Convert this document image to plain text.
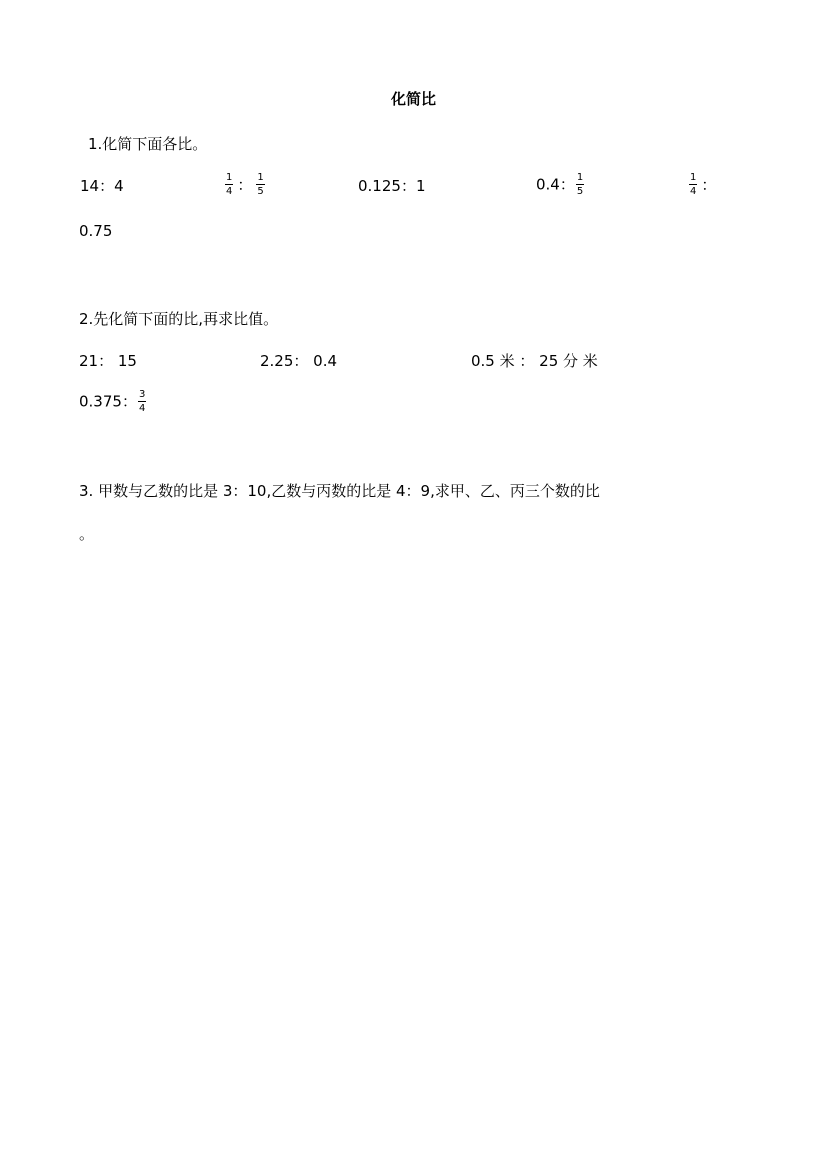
化简比
1.化简下面各比。
14：4	$\frac{1}{4}$ ： $\frac{1}{5}$	0.125：1	0.4： $\frac{1}{5}$	$\frac{1}{4}$ ：
0.75
2.先化简下面的比,再求比值。
21： 15	2.25： 0.4	0.5 米 ： 25 分 米
0.375： $\frac{3}{4}$
3. 甲数与乙数的比是 3：10,乙数与丙数的比是 4：9,求甲、乙、丙三个数的比
。
